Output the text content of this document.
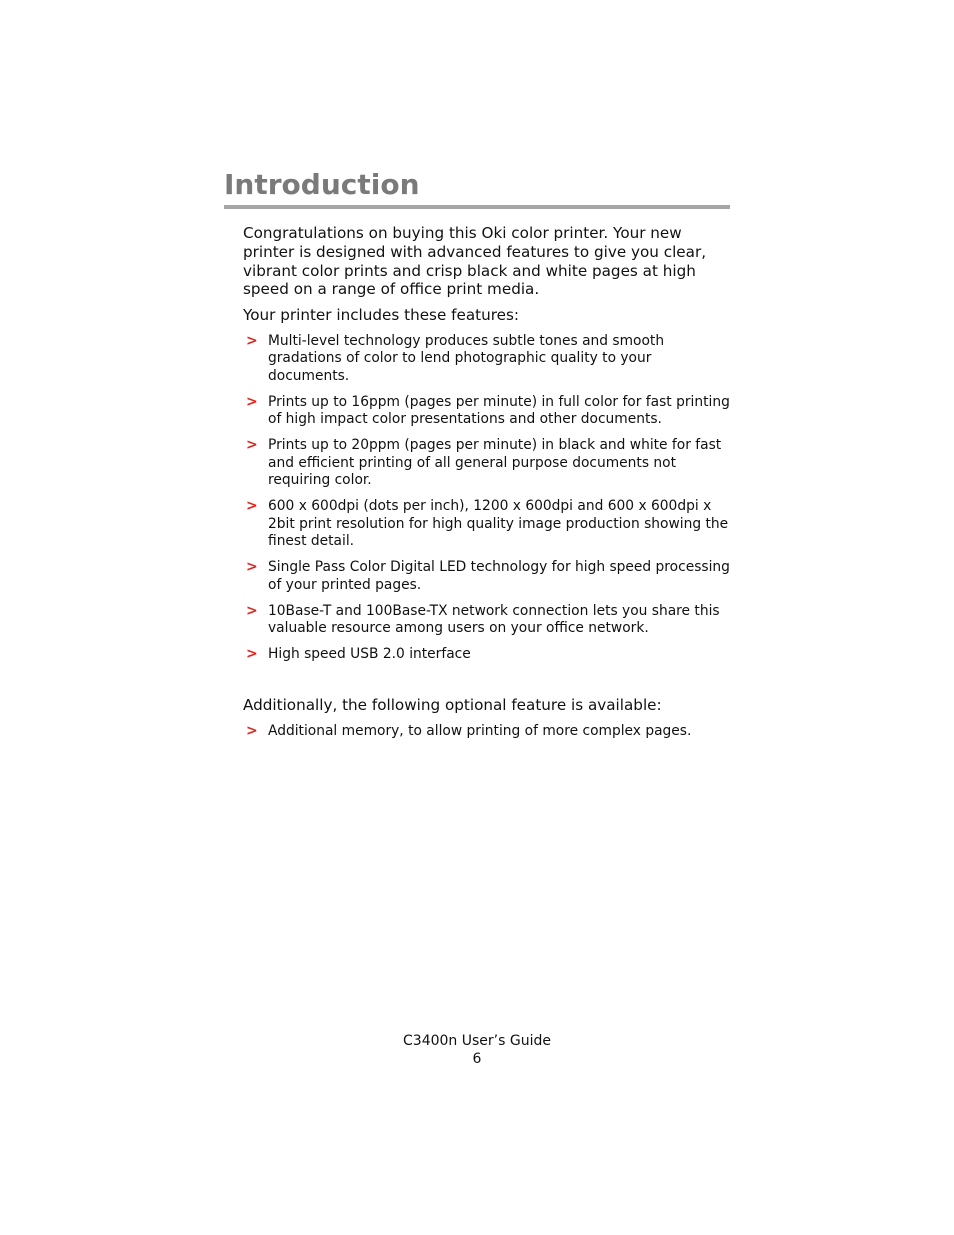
Introduction

Congratulations on buying this Oki color printer. Your new printer is designed with advanced features to give you clear, vibrant color prints and crisp black and white pages at high speed on a range of office print media.

Your printer includes these features:

> Multi-level technology produces subtle tones and smooth gradations of color to lend photographic quality to your documents.
> Prints up to 16ppm (pages per minute) in full color for fast printing of high impact color presentations and other documents.
> Prints up to 20ppm (pages per minute) in black and white for fast and efficient printing of all general purpose documents not requiring color.
> 600 x 600dpi (dots per inch), 1200 x 600dpi and 600 x 600dpi x 2bit print resolution for high quality image production showing the finest detail.
> Single Pass Color Digital LED technology for high speed processing of your printed pages.
> 10Base-T and 100Base-TX network connection lets you share this valuable resource among users on your office network.
> High speed USB 2.0 interface

Additionally, the following optional feature is available:

> Additional memory, to allow printing of more complex pages.
C3400n User’s Guide
6
